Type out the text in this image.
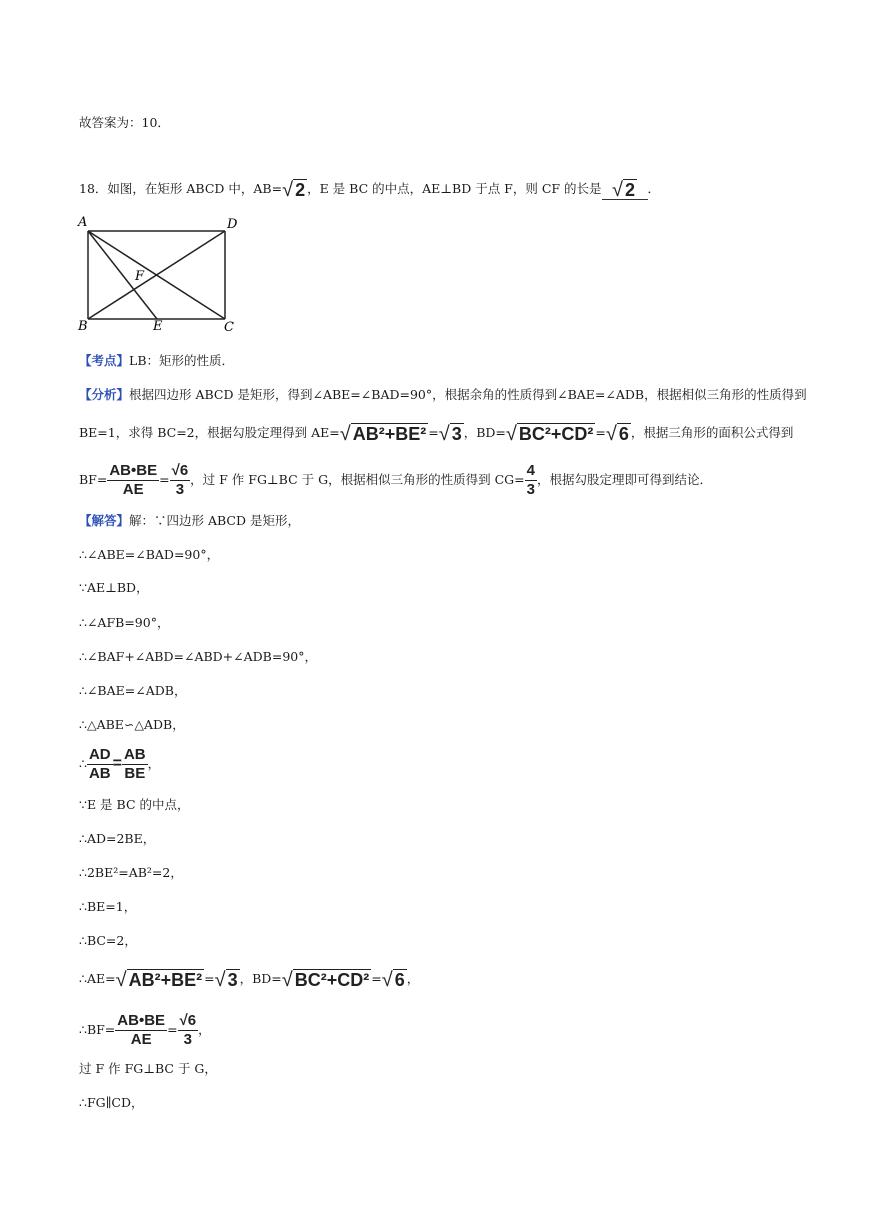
故答案为：10．
18．如图，在矩形 ABCD 中，AB=√ 2 ，E 是 BC 的中点，AE⊥BD 于点 F，则 CF 的长是 √ 2 ．
A	D
B	C
E
F
【考点】LB：矩形的性质．
【分析】根据四边形 ABCD 是矩形，得到∠ABE=∠BAD=90°，根据余角的性质得到∠BAE=∠ADB，根据相似三角形的性质得到
BE=1，求得 BC=2，根据勾股定理得到 AE=√ AB²+BE² =√ 3 ，BD=√ BC²+CD² =√ 6 ，根据三角形的面积公式得到
$BF= \frac{AB•BE}{AE} = \frac{√6}{3}$ ，过 F 作 FG⊥BC 于 G，根据相似三角形的性质得到 $CG= \frac{4}{3}$ ，根据勾股定理即可得到结论．
【解答】解：∵四边形 ABCD 是矩形，
∴∠ABE=∠BAD=90°，
∵AE⊥BD，
∴∠AFB=90°，
∴∠BAF+∠ABD=∠ABD+∠ADB=90°，
∴∠BAE=∠ADB，
∴△ABE∽△ADB，
∴ $\frac{AD}{AB} = \frac{AB}{BE}$ ，
∵E 是 BC 的中点，
∴AD=2BE，
∴2BE²=AB²=2，
∴BE=1，
∴BC=2，
∴AE=√ AB²+BE² =√ 3 ，BD=√ BC²+CD² =√ 6 ，
∴BF= $\frac{AB•BE}{AE} = \frac{√6}{3}$ ，
过 F 作 FG⊥BC 于 G，
∴FG∥CD，
